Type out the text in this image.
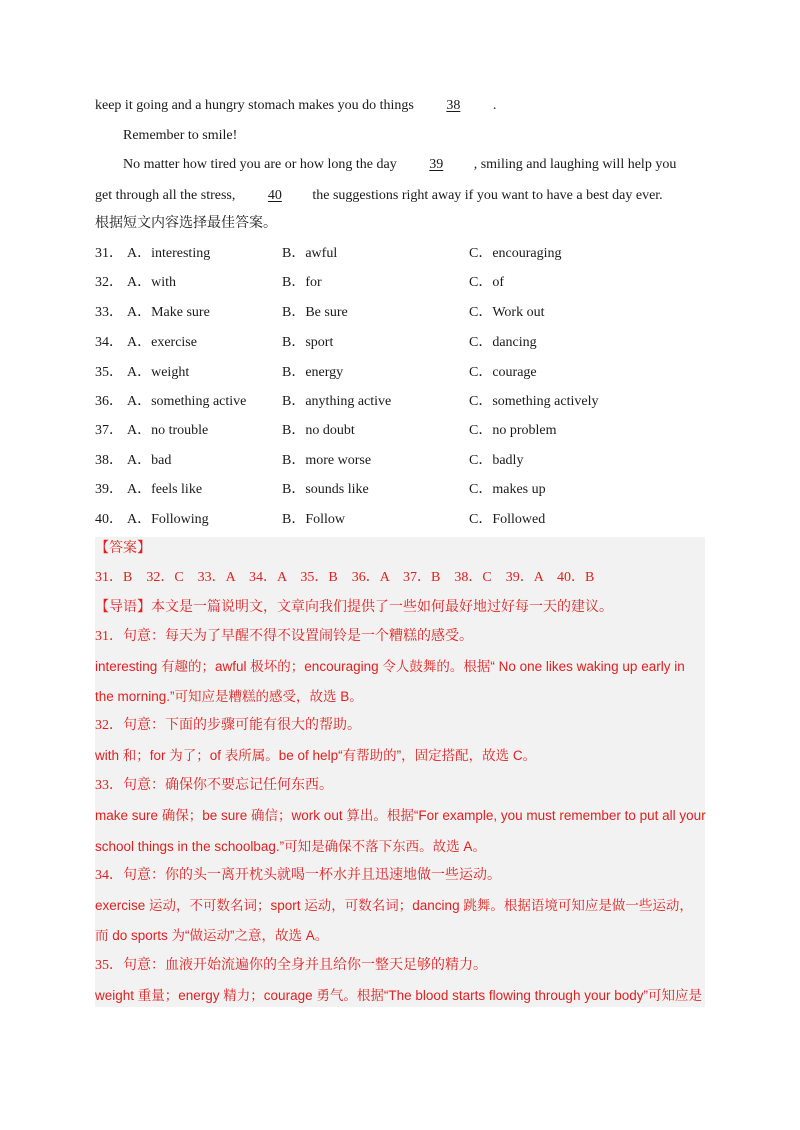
keep it going and a hungry stomach makes you do things 38 .
Remember to smile!
No matter how tired you are or how long the day 39 , smiling and laughing will help you
get through all the stress, 40 the suggestions right away if you want to have a best day ever.
根据短文内容选择最佳答案。
31． A．interesting	B．awful	C．encouraging
32． A．with	B．for	C．of
33． A．Make sure	B．Be sure	C．Work out
34． A．exercise	B．sport	C．dancing
35． A．weight	B．energy	C．courage
36． A．something active	B．anything active	C．something actively
37． A．no trouble	B．no doubt	C．no problem
38． A．bad	B．more worse	C．badly
39． A．feels like	B．sounds like	C．makes up
40． A．Following	B．Follow	C．Followed
【答案】
31．B　32．C　33．A　34．A　35．B　36．A　37．B　38．C　39．A　40．B
【导语】本文是一篇说明文，文章向我们提供了一些如何最好地过好每一天的建议。
31．句意：每天为了早醒不得不设置闹铃是一个糟糕的感受。
interesting 有趣的；awful 极坏的；encouraging 令人鼓舞的。根据“ No one likes waking up early in
the morning.”可知应是糟糕的感受，故选 B。
32．句意：下面的步骤可能有很大的帮助。
with 和；for 为了；of 表所属。be of help“有帮助的”，固定搭配，故选 C。
33．句意：确保你不要忘记任何东西。
make sure 确保；be sure 确信；work out 算出。根据“For example, you must remember to put all your
school things in the schoolbag.”可知是确保不落下东西。故选 A。
34．句意：你的头一离开枕头就喝一杯水并且迅速地做一些运动。
exercise 运动，不可数名词；sport 运动，可数名词；dancing 跳舞。根据语境可知应是做一些运动，
而 do sports 为“做运动”之意，故选 A。
35．句意：血液开始流遍你的全身并且给你一整天足够的精力。
weight 重量；energy 精力；courage 勇气。根据“The blood starts flowing through your body”可知应是
